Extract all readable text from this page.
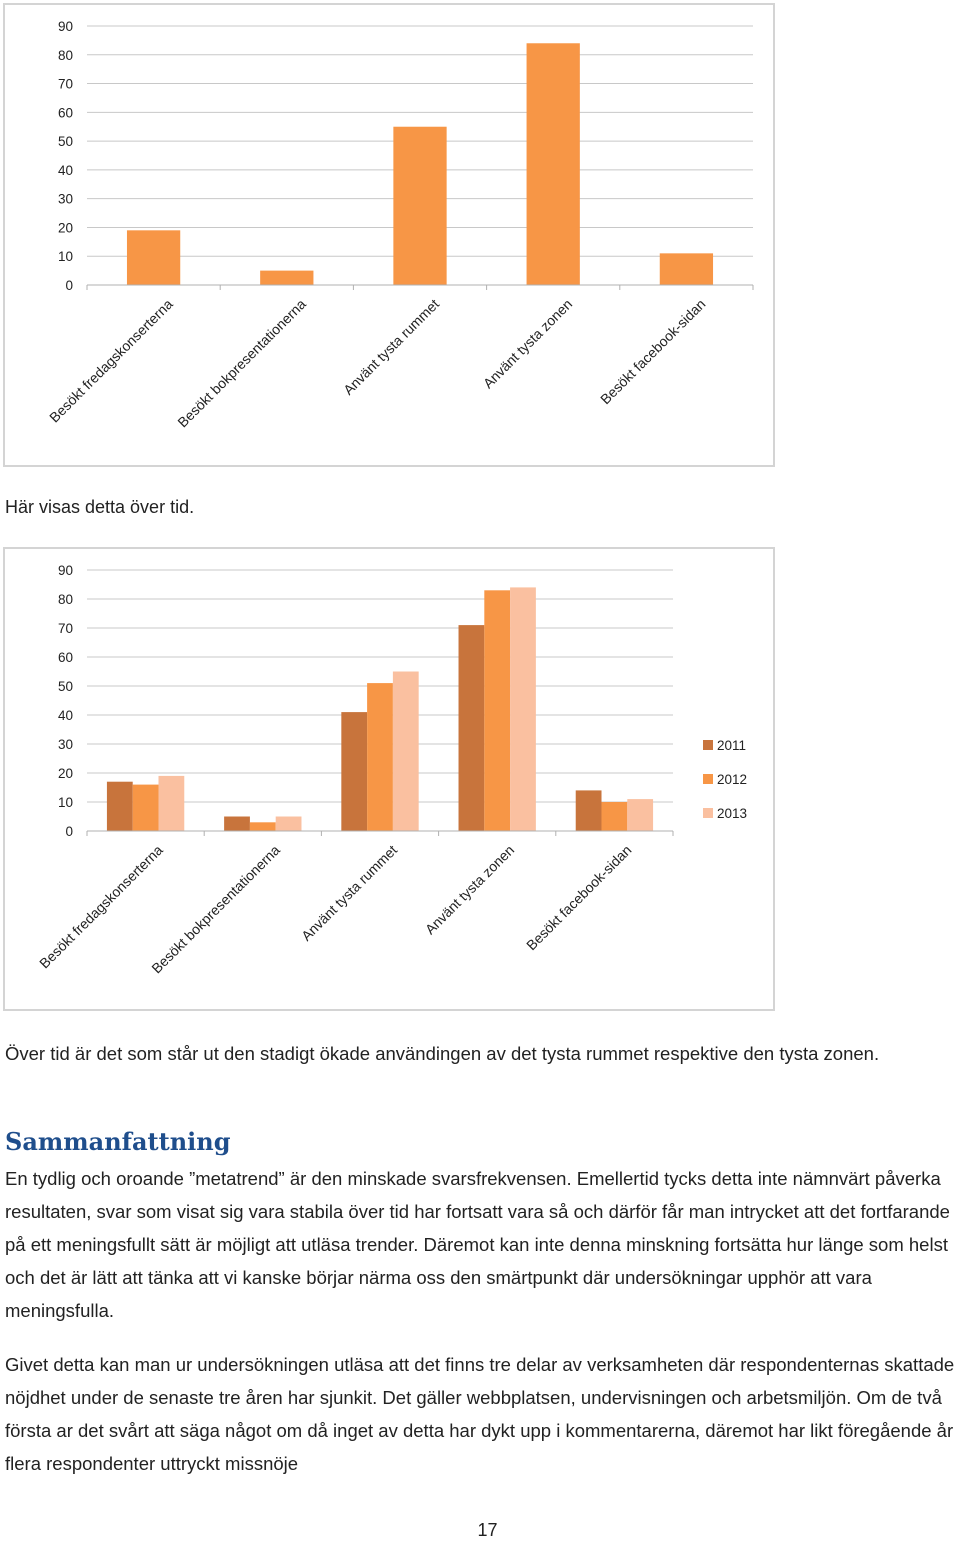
0
10
20
30
40
50
60
70
80
90
Besökt fredagskonserterna
Besökt bokpresentationerna Använt tysta rummet	Använt tysta zonen Besökt facebook-sidan

Här visas detta över tid.

0
10
20
30
40
50
60
70
80
90
Besökt fredagskonserterna
Besökt bokpresentationerna Använt tysta rummet Använt tysta zonen Besökt facebook-sidan
2011
2012
2013

Över tid är det som står ut den stadigt ökade användingen av det tysta rummet respektive den tysta zonen.

Sammanfattning

En tydlig och oroande ”metatrend” är den minskade svarsfrekvensen. Emellertid tycks detta inte nämnvärt påverka resultaten, svar som visat sig vara stabila över tid har fortsatt vara så och därför får man intrycket att det fortfarande på ett meningsfullt sätt är möjligt att utläsa trender. Däremot kan inte denna minskning fortsätta hur länge som helst och det är lätt att tänka att vi kanske börjar närma oss den smärtpunkt där undersökningar upphör att vara meningsfulla.

Givet detta kan man ur undersökningen utläsa att det finns tre delar av verksamheten där respondenternas skattade nöjdhet under de senaste tre åren har sjunkit. Det gäller webbplatsen, undervisningen och arbetsmiljön. Om de två första ar det svårt att säga något om då inget av detta har dykt upp i kommentarerna, däremot har likt föregående år flera respondenter uttryckt missnöje

17
